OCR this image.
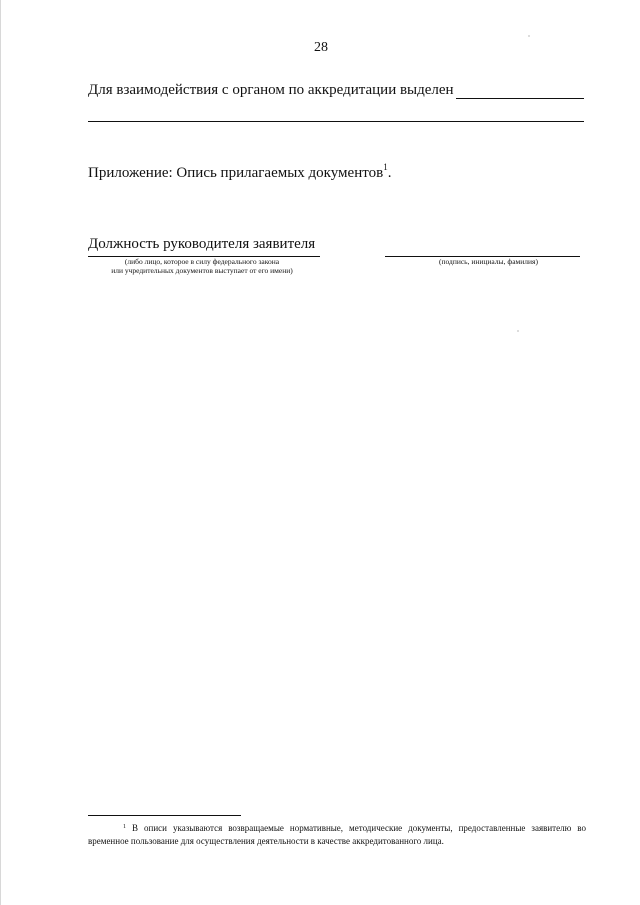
28
Для взаимодействия с органом по аккредитации выделен
Приложение: Опись прилагаемых документов$^1$.
Должность руководителя заявителя
(либо лицо, которое в силу федерального закона
или учредительных документов выступает от его имени)
(подпись, инициалы, фамилия)
$^1$ В описи указываются возвращаемые нормативные, методические документы, предоставленные заявителю во временное пользование для осуществления деятельности в качестве аккредитованного лица.
